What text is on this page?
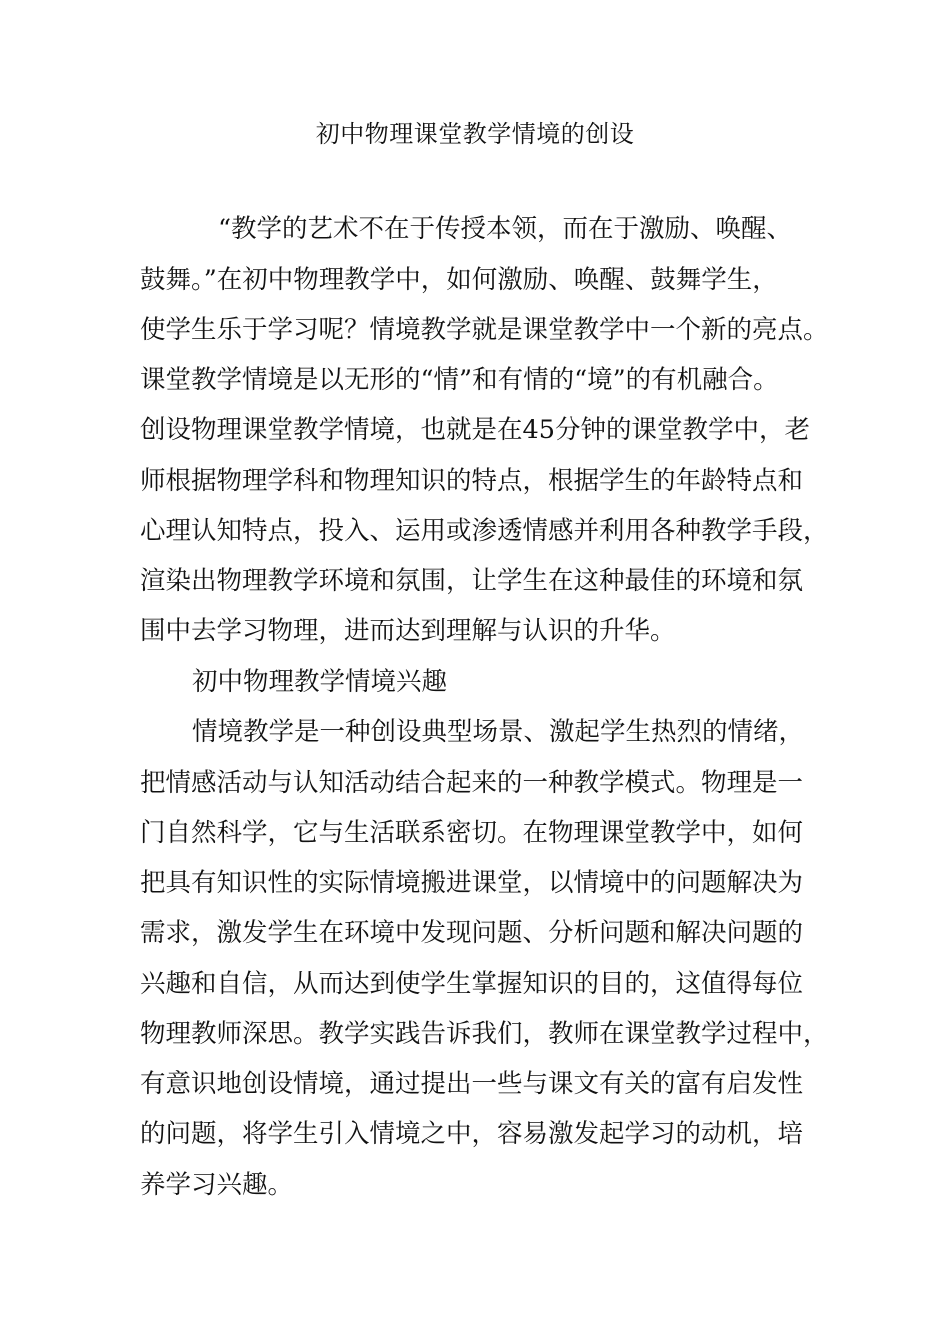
初中物理课堂教学情境的创设
“教学的艺术不在于传授本领，而在于激励、唤醒、
鼓舞。”在初中物理教学中，如何激励、唤醒、鼓舞学生，
使学生乐于学习呢？情境教学就是课堂教学中一个新的亮点。
课堂教学情境是以无形的“情”和有情的“境”的有机融合。
创设物理课堂教学情境，也就是在45分钟的课堂教学中，老
师根据物理学科和物理知识的特点，根据学生的年龄特点和
心理认知特点，投入、运用或渗透情感并利用各种教学手段，
渲染出物理教学环境和氛围，让学生在这种最佳的环境和氛
围中去学习物理，进而达到理解与认识的升华。
初中物理教学情境兴趣
情境教学是一种创设典型场景、激起学生热烈的情绪，
把情感活动与认知活动结合起来的一种教学模式。物理是一
门自然科学，它与生活联系密切。在物理课堂教学中，如何
把具有知识性的实际情境搬进课堂，以情境中的问题解决为
需求，激发学生在环境中发现问题、分析问题和解决问题的
兴趣和自信，从而达到使学生掌握知识的目的，这值得每位
物理教师深思。教学实践告诉我们，教师在课堂教学过程中，
有意识地创设情境，通过提出一些与课文有关的富有启发性
的问题，将学生引入情境之中，容易激发起学习的动机，培
养学习兴趣。
